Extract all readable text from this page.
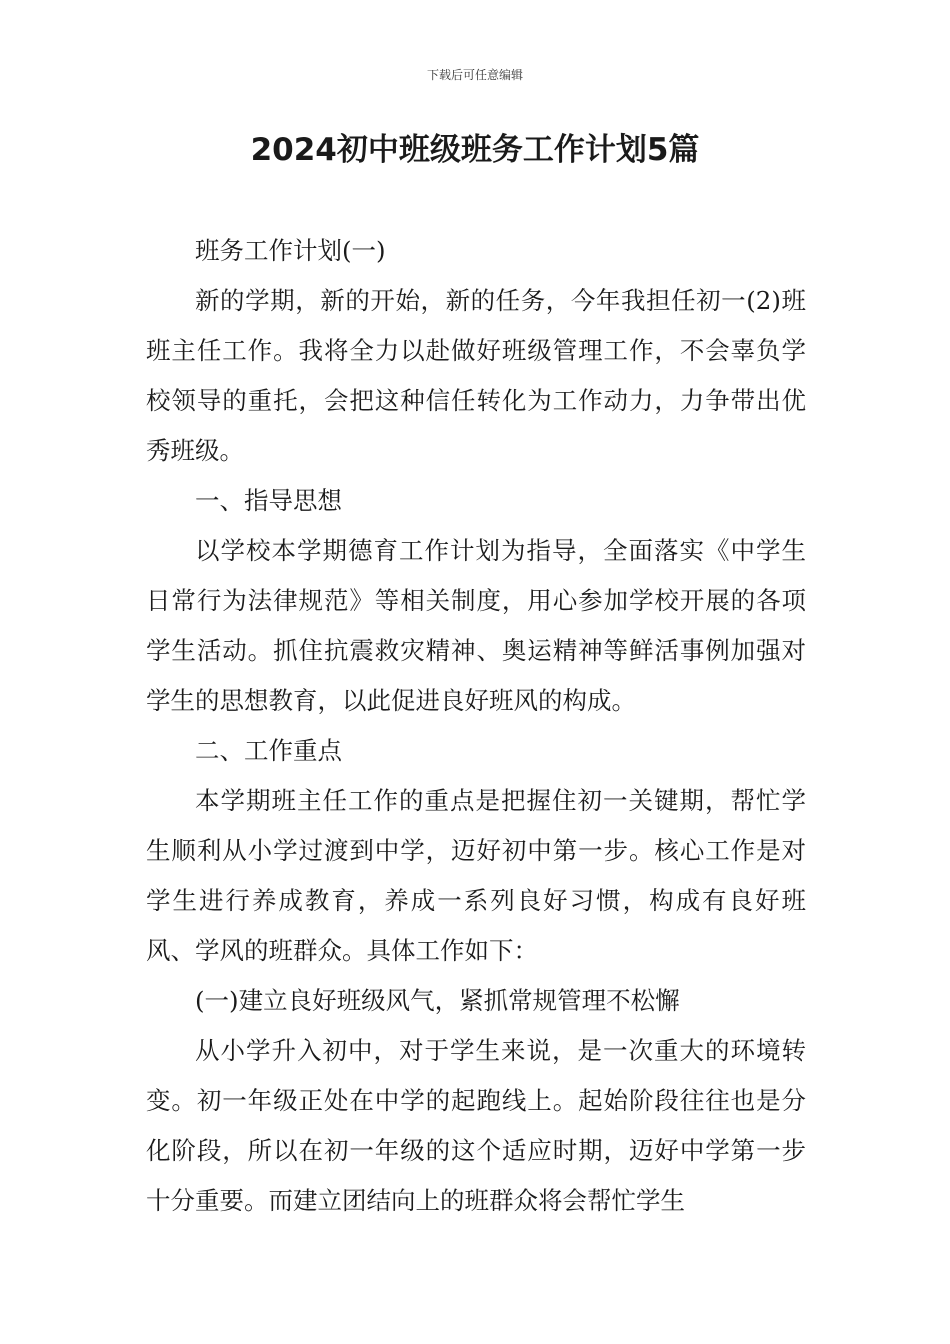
下载后可任意编辑
2024初中班级班务工作计划5篇

班务工作计划(一)

新的学期，新的开始，新的任务，今年我担任初一(2)班班主任工作。我将全力以赴做好班级管理工作，不会辜负学校领导的重托，会把这种信任转化为工作动力，力争带出优秀班级。

一、指导思想

以学校本学期德育工作计划为指导，全面落实《中学生日常行为法律规范》等相关制度，用心参加学校开展的各项学生活动。抓住抗震救灾精神、奥运精神等鲜活事例加强对学生的思想教育，以此促进良好班风的构成。

二、工作重点

本学期班主任工作的重点是把握住初一关键期，帮忙学生顺利从小学过渡到中学，迈好初中第一步。核心工作是对学生进行养成教育，养成一系列良好习惯，构成有良好班风、学风的班群众。具体工作如下：

(一)建立良好班级风气，紧抓常规管理不松懈

从小学升入初中，对于学生来说，是一次重大的环境转变。初一年级正处在中学的起跑线上。起始阶段往往也是分化阶段，所以在初一年级的这个适应时期，迈好中学第一步十分重要。而建立团结向上的班群众将会帮忙学生
